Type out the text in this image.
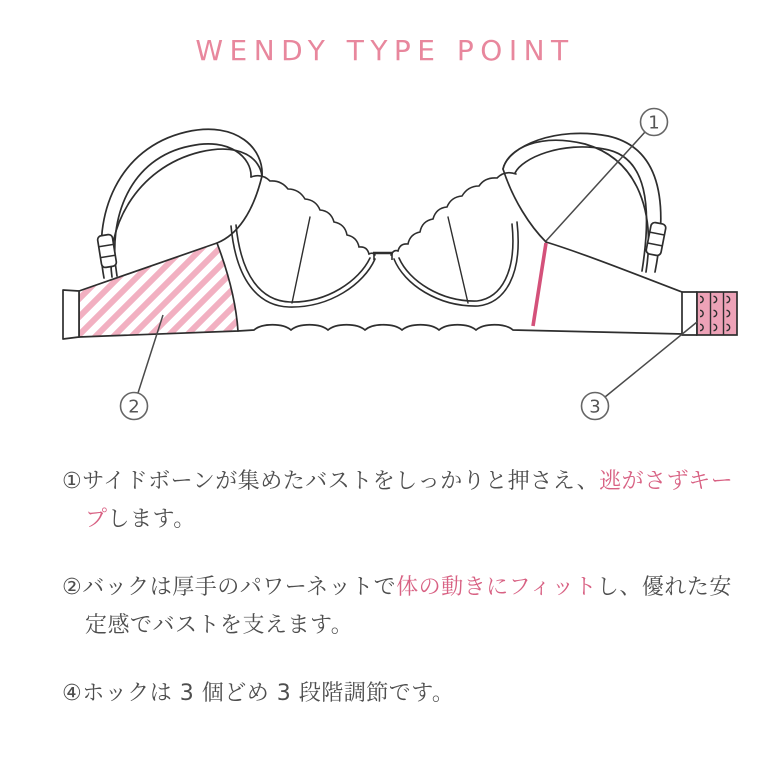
WENDY TYPE POINT
1
2	3

①サイドボーンが集めたバストをしっかりと押さえ、逃がさずキー
プします。

②バックは厚手のパワーネットで体の動きにフィットし、優れた安
定感でバストを支えます。

④ホックは 3 個どめ 3 段階調節です。
